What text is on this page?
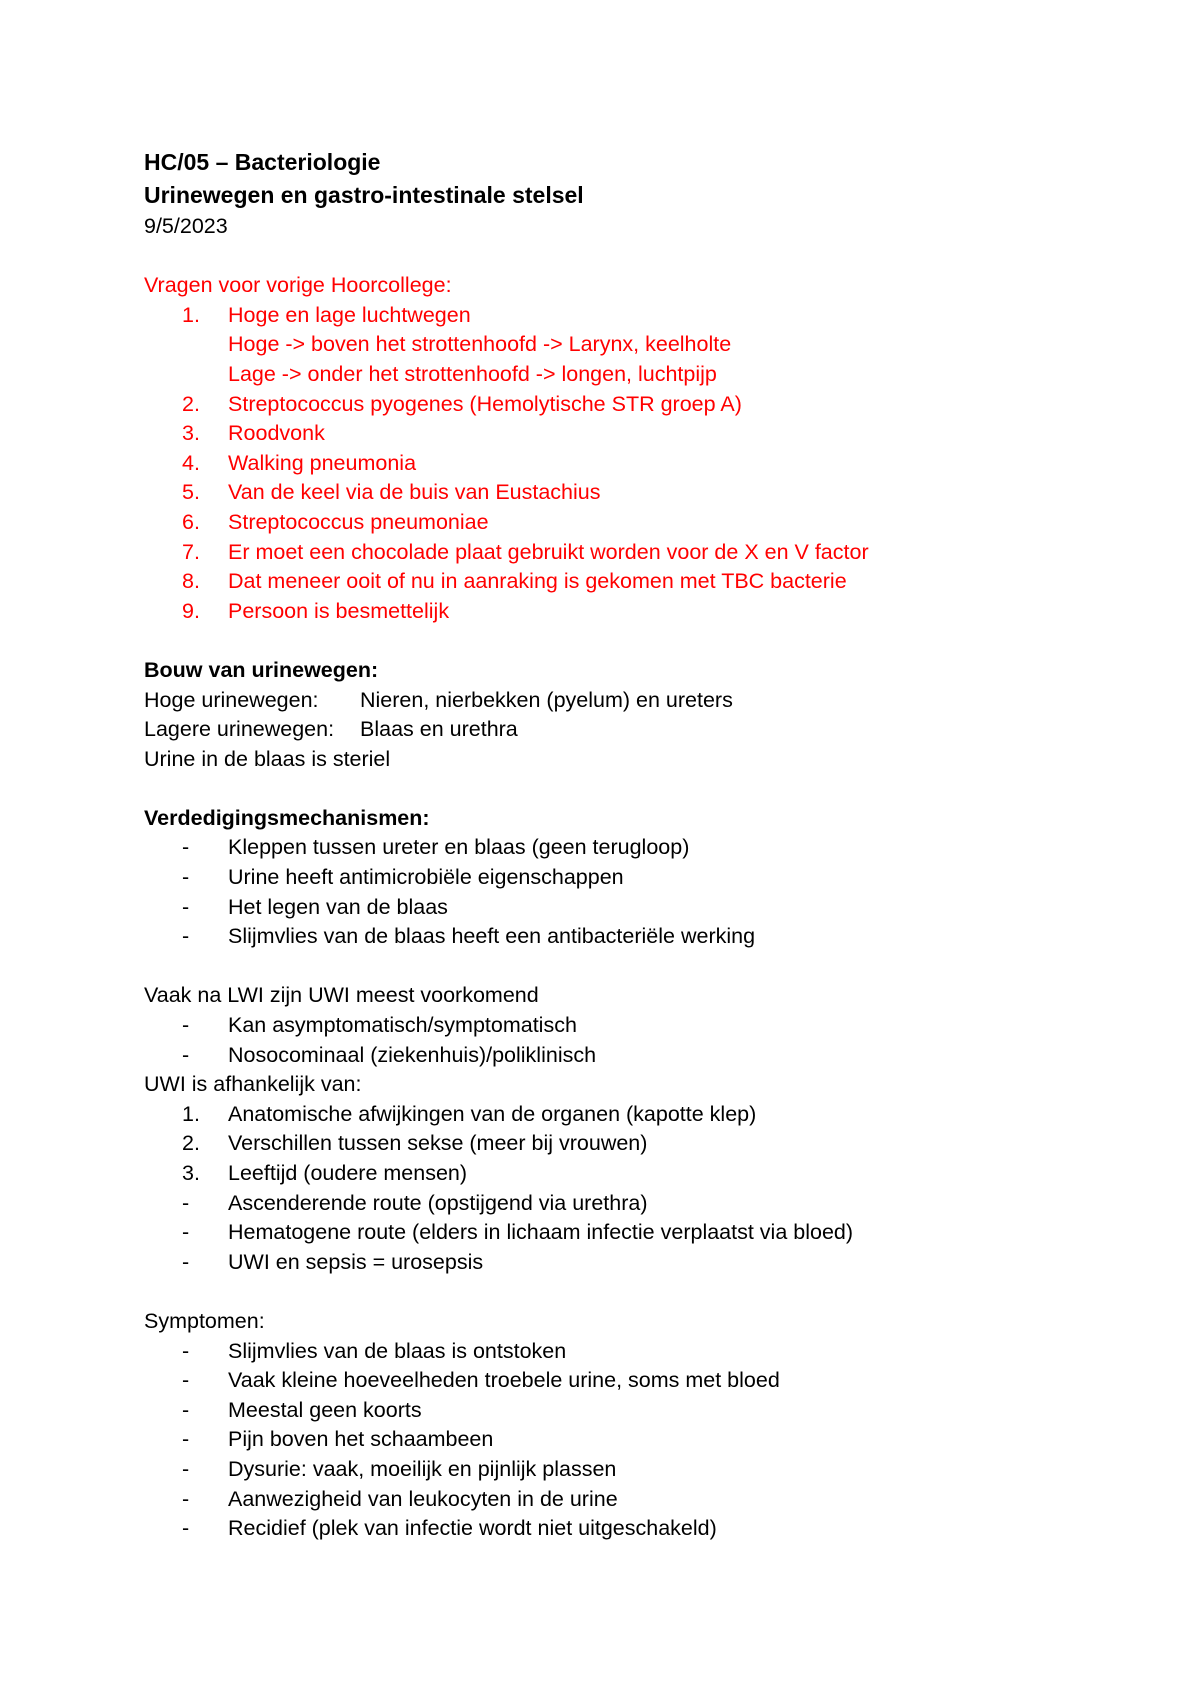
HC/05 – Bacteriologie
Urinewegen en gastro-intestinale stelsel
9/5/2023
Vragen voor vorige Hoorcollege:
1.	Hoge en lage luchtwegen
Hoge -> boven het strottenhoofd -> Larynx, keelholte
Lage -> onder het strottenhoofd -> longen, luchtpijp
2.	Streptococcus pyogenes (Hemolytische STR groep A)
3.	Roodvonk
4.	Walking pneumonia
5.	Van de keel via de buis van Eustachius
6.	Streptococcus pneumoniae
7.	Er moet een chocolade plaat gebruikt worden voor de X en V factor
8.	Dat meneer ooit of nu in aanraking is gekomen met TBC bacterie
9.	Persoon is besmettelijk
Bouw van urinewegen:
Hoge urinewegen:	Nieren, nierbekken (pyelum) en ureters
Lagere urinewegen:	Blaas en urethra
Urine in de blaas is steriel
Verdedigingsmechanismen:
-	Kleppen tussen ureter en blaas (geen terugloop)
-	Urine heeft antimicrobiële eigenschappen
-	Het legen van de blaas
-	Slijmvlies van de blaas heeft een antibacteriële werking
Vaak na LWI zijn UWI meest voorkomend
-	Kan asymptomatisch/symptomatisch
-	Nosocominaal (ziekenhuis)/poliklinisch
UWI is afhankelijk van:
1.	Anatomische afwijkingen van de organen (kapotte klep)
2.	Verschillen tussen sekse (meer bij vrouwen)
3.	Leeftijd (oudere mensen)
-	Ascenderende route (opstijgend via urethra)
-	Hematogene route (elders in lichaam infectie verplaatst via bloed)
-	UWI en sepsis = urosepsis
Symptomen:
-	Slijmvlies van de blaas is ontstoken
-	Vaak kleine hoeveelheden troebele urine, soms met bloed
-	Meestal geen koorts
-	Pijn boven het schaambeen
-	Dysurie: vaak, moeilijk en pijnlijk plassen
-	Aanwezigheid van leukocyten in de urine
-	Recidief (plek van infectie wordt niet uitgeschakeld)
